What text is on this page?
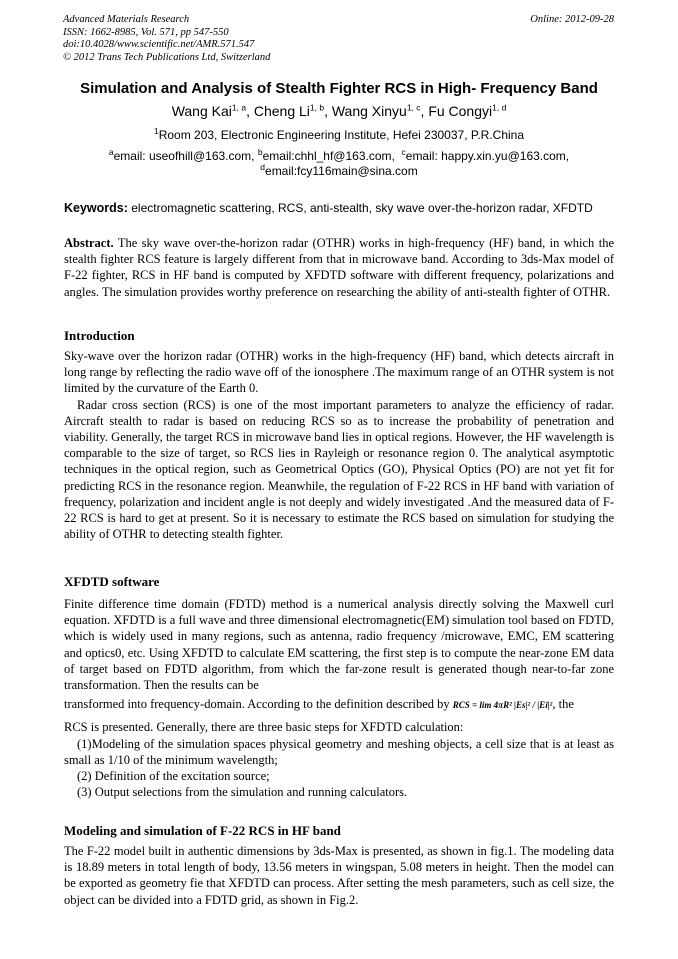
Advanced Materials Research
ISSN: 1662-8985, Vol. 571, pp 547-550
doi:10.4028/www.scientific.net/AMR.571.547
© 2012 Trans Tech Publications Ltd, Switzerland
Online: 2012-09-28
Simulation and Analysis of Stealth Fighter RCS in High- Frequency Band
Wang Kai$^{1, a}$, Cheng Li$^{1, b}$, Wang Xinyu$^{1, c}$, Fu Congyi$^{1, d}$
$^1$Room 203, Electronic Engineering Institute, Hefei 230037, P.R.China
$^a$email: useofhill@163.com, $^b$email:chhl_hf@163.com, $^c$email: happy.xin.yu@163.com,
$^d$email:fcy116main@sina.com
Keywords: electromagnetic scattering, RCS, anti-stealth, sky wave over-the-horizon radar, XFDTD

Abstract. The sky wave over-the-horizon radar (OTHR) works in high-frequency (HF) band, in which the stealth fighter RCS feature is largely different from that in microwave band. According to 3ds-Max model of F-22 fighter, RCS in HF band is computed by XFDTD software with different frequency, polarizations and angles. The simulation provides worthy preference on researching the ability of anti-stealth fighter of OTHR.

Introduction

Sky-wave over the horizon radar (OTHR) works in the high-frequency (HF) band, which detects aircraft in long range by reflecting the radio wave off of the ionosphere .The maximum range of an OTHR system is not limited by the curvature of the Earth 0.

Radar cross section (RCS) is one of the most important parameters to analyze the efficiency of radar. Aircraft stealth to radar is based on reducing RCS so as to increase the probability of penetration and viability. Generally, the target RCS in microwave band lies in optical regions. However, the HF wavelength is comparable to the size of target, so RCS lies in Rayleigh or resonance region 0. The analytical asymptotic techniques in the optical region, such as Geometrical Optics (GO), Physical Optics (PO) are not yet fit for predicting RCS in the resonance region. Meanwhile, the regulation of F-22 RCS in HF band with variation of frequency, polarization and incident angle is not deeply and widely investigated .And the measured data of F-22 RCS is hard to get at present. So it is necessary to estimate the RCS based on simulation for studying the ability of OTHR to detecting stealth fighter.

XFDTD software

Finite difference time domain (FDTD) method is a numerical analysis directly solving the Maxwell curl equation. XFDTD is a full wave and three dimensional electromagnetic(EM) simulation tool based on FDTD, which is widely used in many regions, such as antenna, radio frequency /microwave, EMC, EM scattering and optics0, etc. Using XFDTD to calculate EM scattering, the first step is to compute the near-zone EM data of target based on FDTD algorithm, from which the far-zone result is generated though near-to-far zone transformation. Then the results can be

transformed into frequency-domain. According to the definition described by RCS = lim 4πR² |Es|² / |Ei|², the

RCS is presented. Generally, there are three basic steps for XFDTD calculation:

(1)Modeling of the simulation spaces physical geometry and meshing objects, a cell size that is at least as small as 1/10 of the minimum wavelength;

(2) Definition of the excitation source;

(3) Output selections from the simulation and running calculators.

Modeling and simulation of F-22 RCS in HF band

The F-22 model built in authentic dimensions by 3ds-Max is presented, as shown in fig.1. The modeling data is 18.89 meters in total length of body, 13.56 meters in wingspan, 5.08 meters in height. Then the model can be exported as geometry fie that XFDTD can process. After setting the mesh parameters, such as cell size, the object can be divided into a FDTD grid, as shown in Fig.2.
